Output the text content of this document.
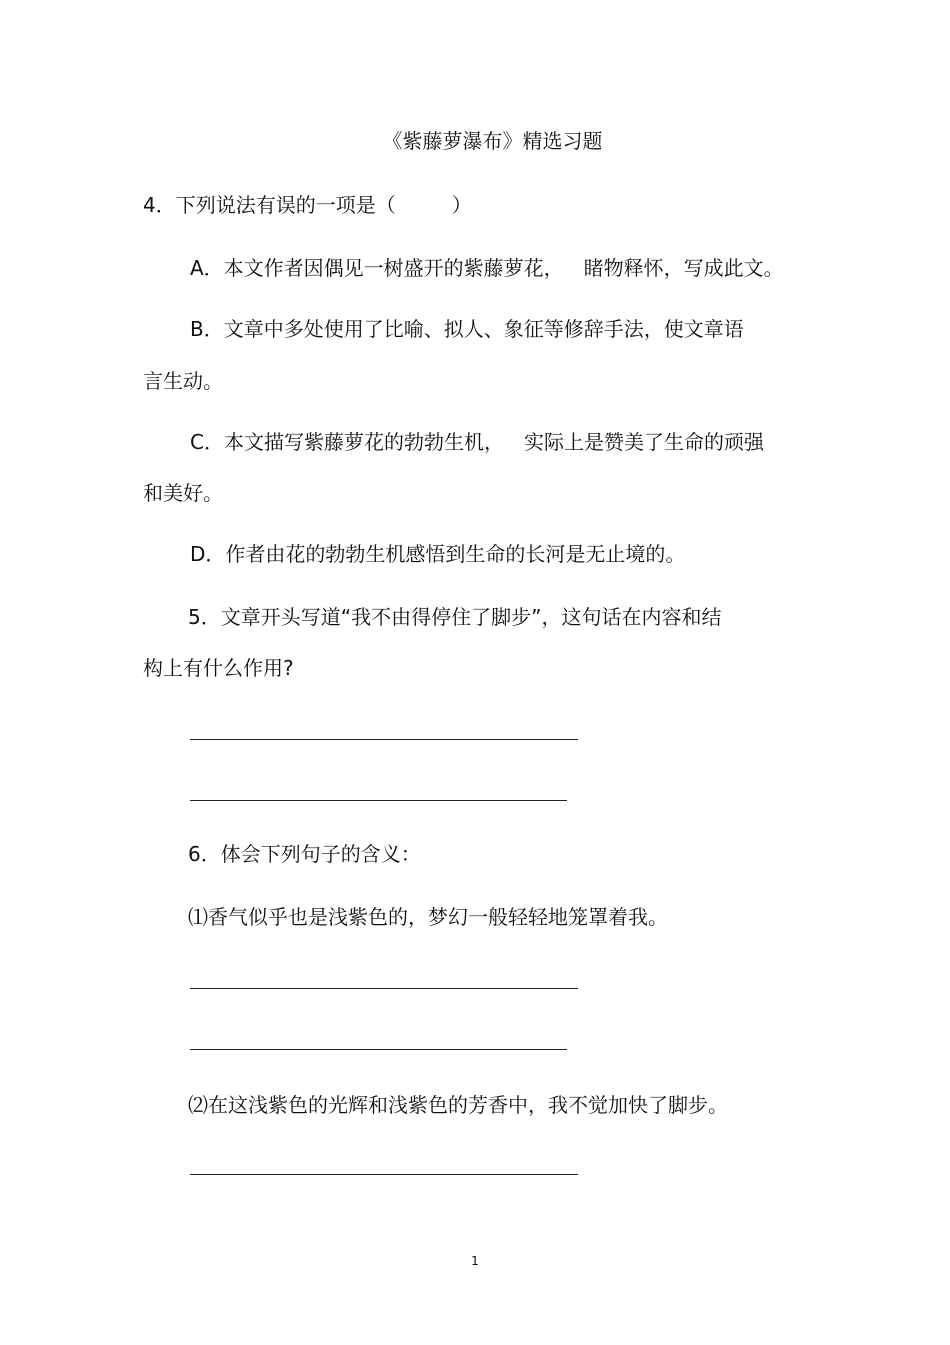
《紫藤萝瀑布》精选习题
4．下列说法有误的一项是（	）
A．本文作者因偶见一树盛开的紫藤萝花， 睹物释怀，写成此文。
B．文章中多处使用了比喻、拟人、象征等修辞手法，使文章语
言生动。
C．本文描写紫藤萝花的勃勃生机， 实际上是赞美了生命的顽强
和美好。
D．作者由花的勃勃生机感悟到生命的长河是无止境的。
5．文章开头写道“我不由得停住了脚步”，这句话在内容和结
构上有什么作用?
6．体会下列句子的含义：
⑴香气似乎也是浅紫色的，梦幻一般轻轻地笼罩着我。
⑵在这浅紫色的光辉和浅紫色的芳香中，我不觉加快了脚步。
1
